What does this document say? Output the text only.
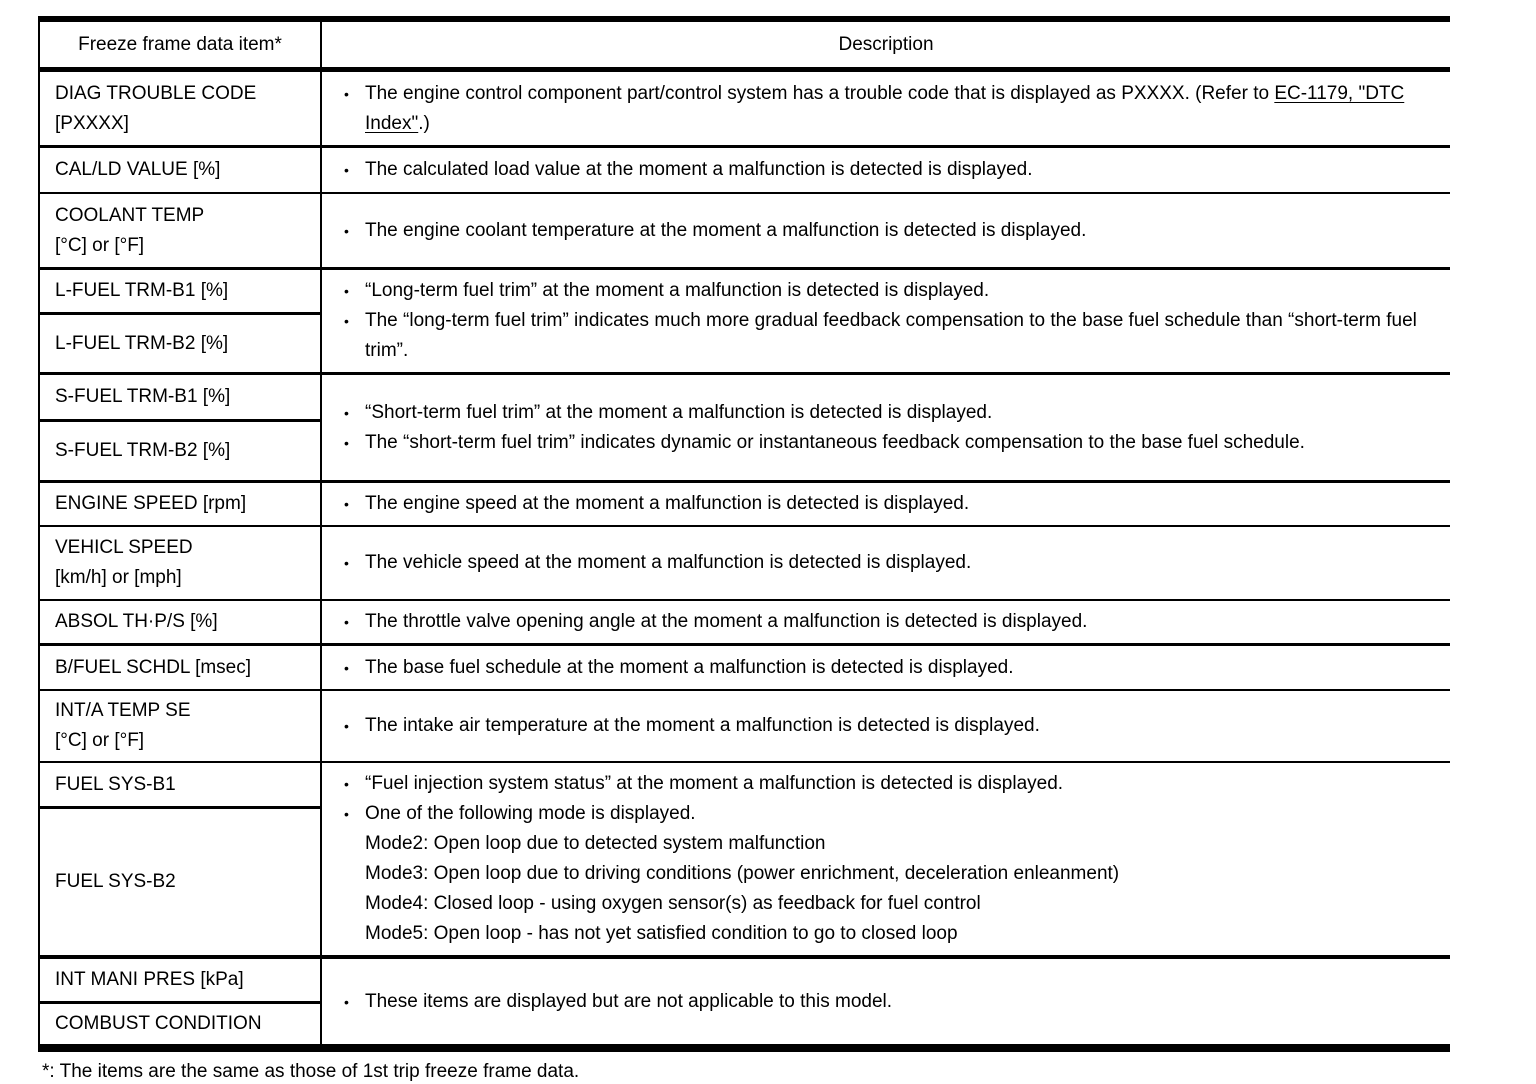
Freeze frame data item*	Description
DIAG TROUBLE CODE
[PXXXX]	• The engine control component part/control system has a trouble code that is displayed as PXXXX. (Refer to EC-1179, "DTC Index".)

CAL/LD VALUE [%]	• The calculated load value at the moment a malfunction is detected is displayed.

COOLANT TEMP
[°C] or [°F]	• The engine coolant temperature at the moment a malfunction is detected is displayed.

L-FUEL TRM-B1 [%]	• “Long-term fuel trim” at the moment a malfunction is detected is displayed.
• The “long-term fuel trim” indicates much more gradual feedback compensation to the base fuel schedule than “short-term fuel trim”.

L-FUEL TRM-B2 [%]	
S-FUEL TRM-B1 [%]	• “Short-term fuel trim” at the moment a malfunction is detected is displayed.
• The “short-term fuel trim” indicates dynamic or instantaneous feedback compensation to the base fuel schedule.

S-FUEL TRM-B2 [%]	
ENGINE SPEED [rpm]	• The engine speed at the moment a malfunction is detected is displayed.

VEHICL SPEED
[km/h] or [mph]	• The vehicle speed at the moment a malfunction is detected is displayed.

ABSOL TH·P/S [%]	• The throttle valve opening angle at the moment a malfunction is detected is displayed.

B/FUEL SCHDL [msec]	• The base fuel schedule at the moment a malfunction is detected is displayed.

INT/A TEMP SE
[°C] or [°F]	• The intake air temperature at the moment a malfunction is detected is displayed.

FUEL SYS-B1	• “Fuel injection system status” at the moment a malfunction is detected is displayed.
• One of the following mode is displayed.
Mode2: Open loop due to detected system malfunction
Mode3: Open loop due to driving conditions (power enrichment, deceleration enleanment)
Mode4: Closed loop - using oxygen sensor(s) as feedback for fuel control
Mode5: Open loop - has not yet satisfied condition to go to closed loop

FUEL SYS-B2	
INT MANI PRES [kPa]	• These items are displayed but are not applicable to this model.

COMBUST CONDITION	
*: The items are the same as those of 1st trip freeze frame data.
